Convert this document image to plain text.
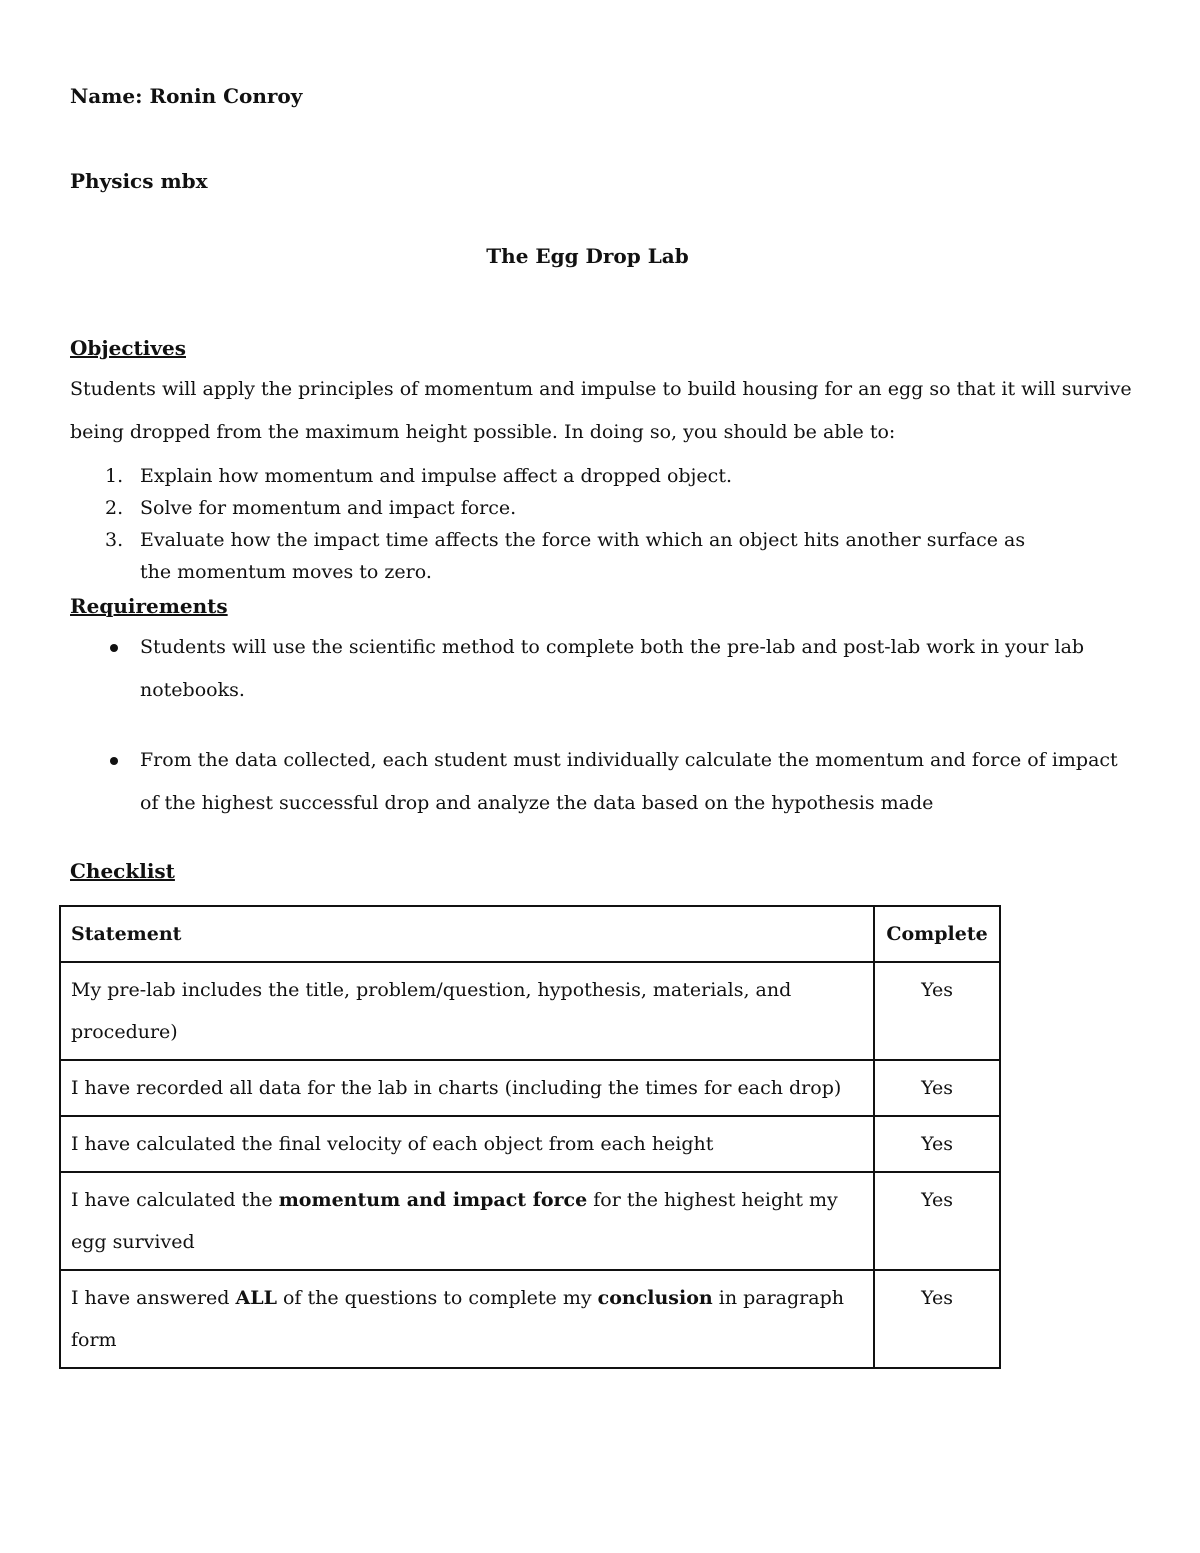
Name: Ronin Conroy

Physics mbx

The Egg Drop Lab

Objectives

Students will apply the principles of momentum and impulse to build housing for an egg so that it will survive being dropped from the maximum height possible. In doing so, you should be able to:

1. Explain how momentum and impulse affect a dropped object.
2. Solve for momentum and impact force.
3. Evaluate how the impact time affects the force with which an object hits another surface as the momentum moves to zero.

Requirements

Students will use the scientific method to complete both the pre-lab and post-lab work in your lab notebooks.

From the data collected, each student must individually calculate the momentum and force of impact of the highest successful drop and analyze the data based on the hypothesis made

Checklist

Statement	Complete
My pre-lab includes the title, problem/question, hypothesis, materials, and procedure)	Yes
I have recorded all data for the lab in charts (including the times for each drop)	Yes
I have calculated the final velocity of each object from each height	Yes
I have calculated the momentum and impact force for the highest height my egg survived	Yes
I have answered ALL of the questions to complete my conclusion in paragraph form	Yes
